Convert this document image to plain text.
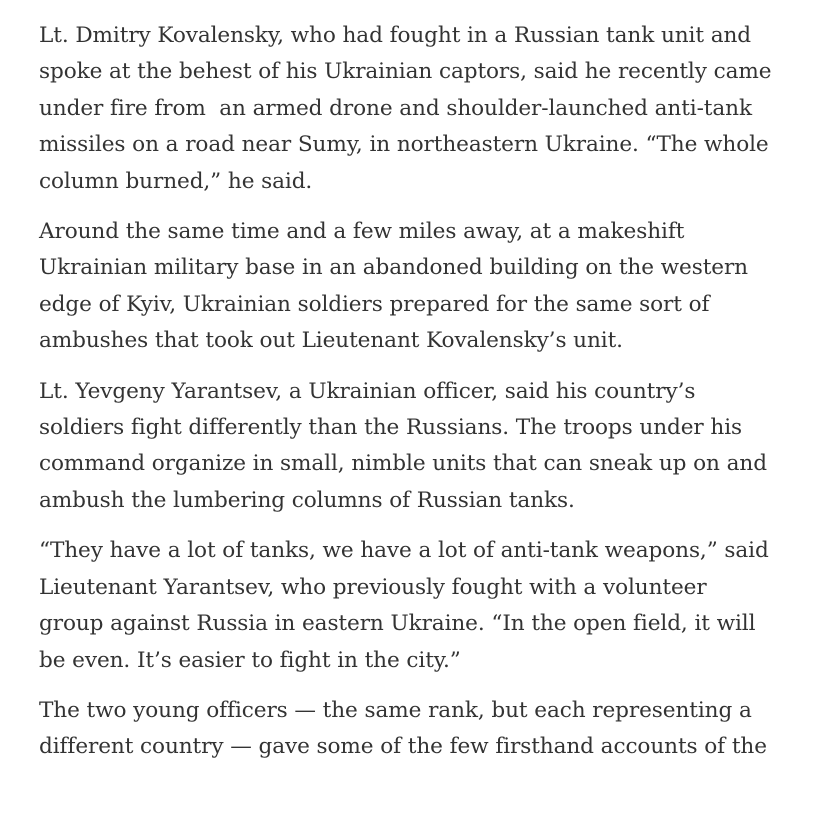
Lt. Dmitry Kovalensky, who had fought in a Russian tank unit and
spoke at the behest of his Ukrainian captors, said he recently came
under fire from  an armed drone and shoulder-launched anti-tank
missiles on a road near Sumy, in northeastern Ukraine. “The whole
column burned,” he said.

Around the same time and a few miles away, at a makeshift
Ukrainian military base in an abandoned building on the western
edge of Kyiv, Ukrainian soldiers prepared for the same sort of
ambushes that took out Lieutenant Kovalensky’s unit.

Lt. Yevgeny Yarantsev, a Ukrainian officer, said his country’s
soldiers fight differently than the Russians. The troops under his
command organize in small, nimble units that can sneak up on and
ambush the lumbering columns of Russian tanks.

“They have a lot of tanks, we have a lot of anti-tank weapons,” said
Lieutenant Yarantsev, who previously fought with a volunteer
group against Russia in eastern Ukraine. “In the open field, it will
be even. It’s easier to fight in the city.”

The two young officers — the same rank, but each representing a
different country — gave some of the few firsthand accounts of the
